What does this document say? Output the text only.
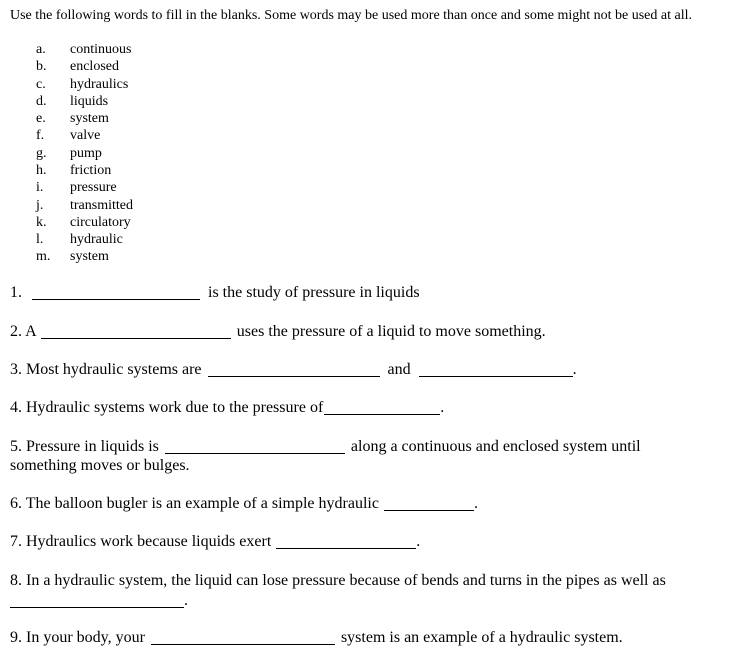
Use the following words to fill in the blanks. Some words may be used more than once and some might not be used at all.
a. continuous
b. enclosed
c. hydraulics
d. liquids
e. system
f. valve
g. pump
h. friction
i. pressure
j. transmitted
k. circulatory
l. hydraulic
m. system
1.	is the study of pressure in liquids
2. A	uses the pressure of a liquid to move something.
3. Most hydraulic systems are	and	.
4. Hydraulic systems work due to the pressure of	.
5. Pressure in liquids is	along a continuous and enclosed system until
something moves or bulges.
6. The balloon bugler is an example of a simple hydraulic	.
7. Hydraulics work because liquids exert	.
8. In a hydraulic system, the liquid can lose pressure because of bends and turns in the pipes as well as
.
9. In your body, your	system is an example of a hydraulic system.
